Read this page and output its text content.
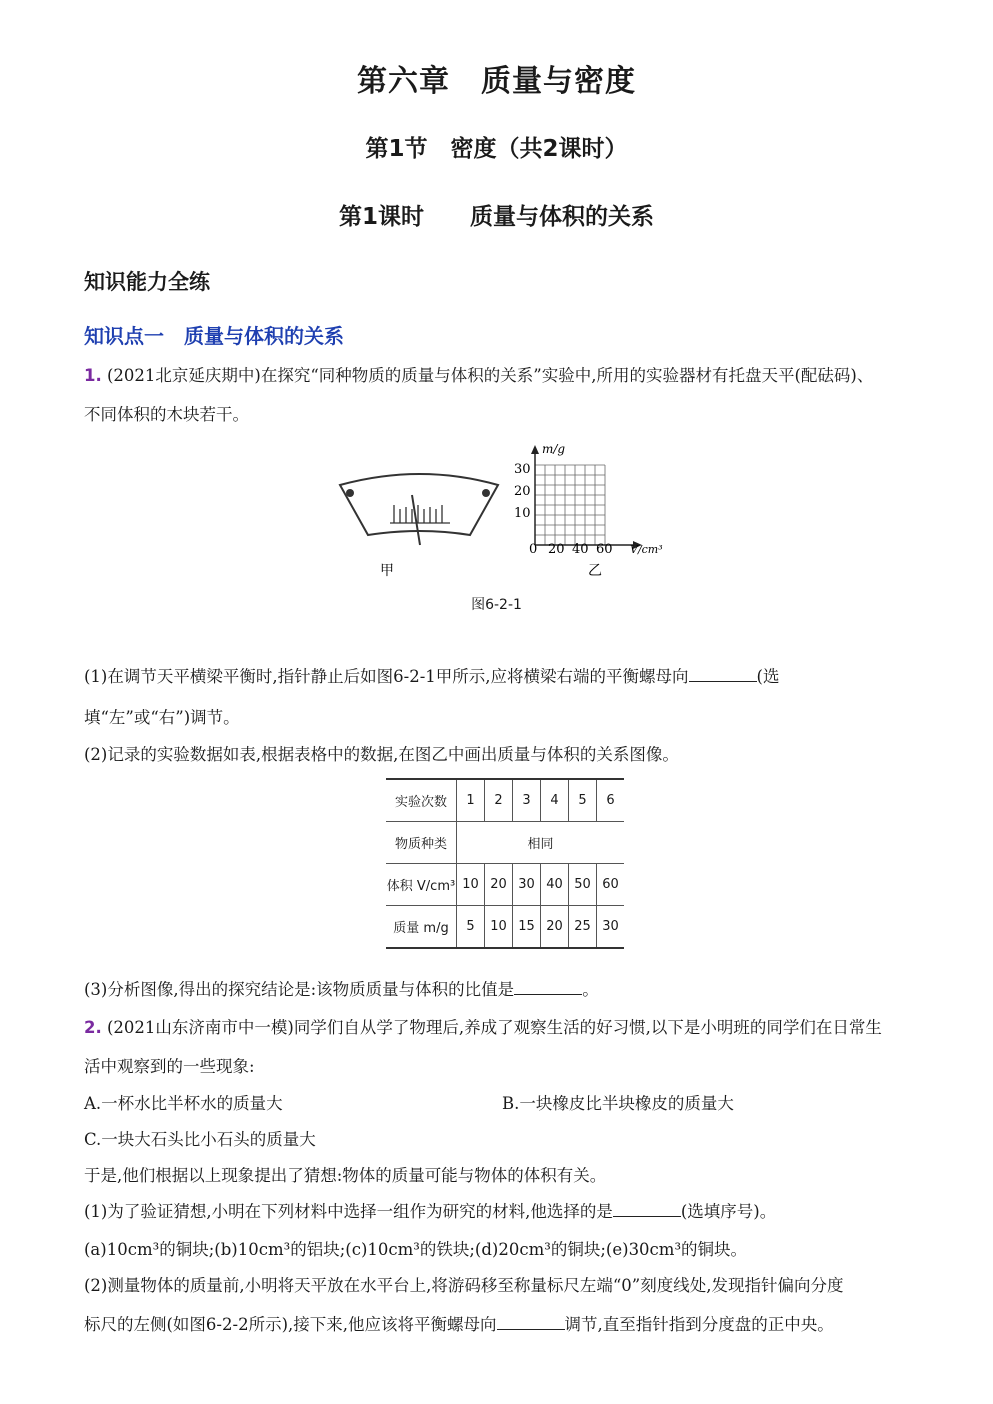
第六章　质量与密度
第1节　密度（共2课时）
第1课时 质量与体积的关系
知识能力全练
知识点一 质量与体积的关系
1. (2021北京延庆期中)在探究“同种物质的质量与体积的关系”实验中,所用的实验器材有托盘天平(配砝码)、
不同体积的木块若干。
甲
m/g
30
20
10
0 20 40 60 V/cm³
乙
图6-2-1
(1)在调节天平横梁平衡时,指针静止后如图6-2-1甲所示,应将横梁右端的平衡螺母向	(选
填“左”或“右”)调节。
(2)记录的实验数据如表,根据表格中的数据,在图乙中画出质量与体积的关系图像。
实验次数	1	2	3	4	5	6
物质种类	相同					
体积 V/cm³	10	20	30	40	50	60
质量 m/g	5	10	15	20	25	30
(3)分析图像,得出的探究结论是:该物质质量与体积的比值是	。
2. (2021山东济南市中一模)同学们自从学了物理后,养成了观察生活的好习惯,以下是小明班的同学们在日常生
活中观察到的一些现象:
A.一杯水比半杯水的质量大	B.一块橡皮比半块橡皮的质量大
C.一块大石头比小石头的质量大
于是,他们根据以上现象提出了猜想:物体的质量可能与物体的体积有关。
(1)为了验证猜想,小明在下列材料中选择一组作为研究的材料,他选择的是	(选填序号)。
(a)10cm³的铜块;(b)10cm³的铝块;(c)10cm³的铁块;(d)20cm³的铜块;(e)30cm³的铜块。
(2)测量物体的质量前,小明将天平放在水平台上,将游码移至称量标尺左端“0”刻度线处,发现指针偏向分度
标尺的左侧(如图6-2-2所示),接下来,他应该将平衡螺母向	调节,直至指针指到分度盘的正中央。
